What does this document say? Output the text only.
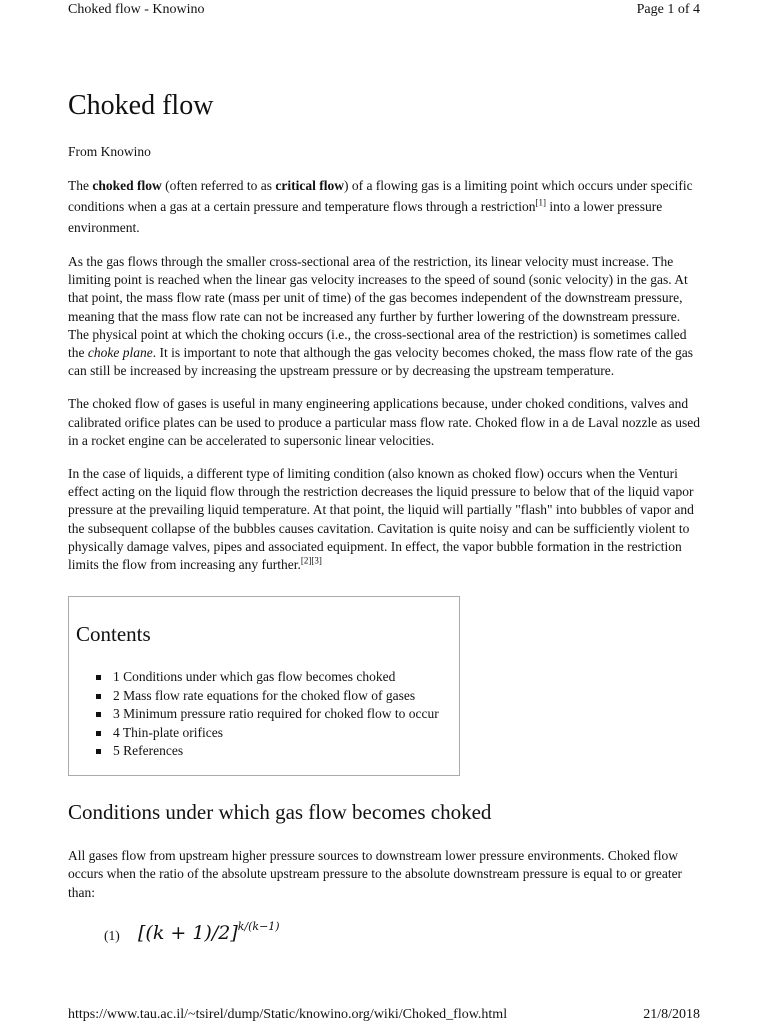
Choked flow - Knowino	Page 1 of 4
Choked flow
From Knowino

The choked flow (often referred to as critical flow) of a flowing gas is a limiting point which occurs under specific conditions when a gas at a certain pressure and temperature flows through a restriction[1] into a lower pressure environment.

As the gas flows through the smaller cross-sectional area of the restriction, its linear velocity must increase. The limiting point is reached when the linear gas velocity increases to the speed of sound (sonic velocity) in the gas. At that point, the mass flow rate (mass per unit of time) of the gas becomes independent of the downstream pressure, meaning that the mass flow rate can not be increased any further by further lowering of the downstream pressure. The physical point at which the choking occurs (i.e., the cross-sectional area of the restriction) is sometimes called the choke plane. It is important to note that although the gas velocity becomes choked, the mass flow rate of the gas can still be increased by increasing the upstream pressure or by decreasing the upstream temperature.

The choked flow of gases is useful in many engineering applications because, under choked conditions, valves and calibrated orifice plates can be used to produce a particular mass flow rate. Choked flow in a de Laval nozzle as used in a rocket engine can be accelerated to supersonic linear velocities.

In the case of liquids, a different type of limiting condition (also known as choked flow) occurs when the Venturi effect acting on the liquid flow through the restriction decreases the liquid pressure to below that of the liquid vapor pressure at the prevailing liquid temperature. At that point, the liquid will partially "flash" into bubbles of vapor and the subsequent collapse of the bubbles causes cavitation. Cavitation is quite noisy and can be sufficiently violent to physically damage valves, pipes and associated equipment. In effect, the vapor bubble formation in the restriction limits the flow from increasing any further.[2][3]

Contents
1 Conditions under which gas flow becomes choked
2 Mass flow rate equations for the choked flow of gases
3 Minimum pressure ratio required for choked flow to occur
4 Thin-plate orifices
5 References
Conditions under which gas flow becomes choked

All gases flow from upstream higher pressure sources to downstream lower pressure environments. Choked flow occurs when the ratio of the absolute upstream pressure to the absolute downstream pressure is equal to or greater than:

(1) $[(k + 1)/2]^{k/(k-1)}$
https://www.tau.ac.il/~tsirel/dump/Static/knowino.org/wiki/Choked_flow.html	21/8/2018
